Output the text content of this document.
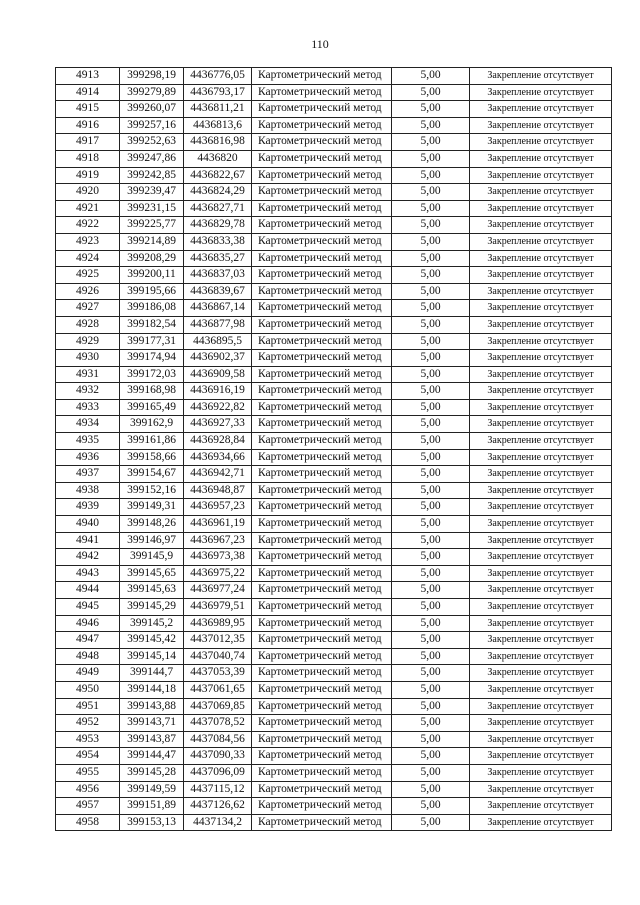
110
4913	399298,19	4436776,05	Картометрический метод	5,00	Закрепление отсутствует
4914	399279,89	4436793,17	Картометрический метод	5,00	Закрепление отсутствует
4915	399260,07	4436811,21	Картометрический метод	5,00	Закрепление отсутствует
4916	399257,16	4436813,6	Картометрический метод	5,00	Закрепление отсутствует
4917	399252,63	4436816,98	Картометрический метод	5,00	Закрепление отсутствует
4918	399247,86	4436820	Картометрический метод	5,00	Закрепление отсутствует
4919	399242,85	4436822,67	Картометрический метод	5,00	Закрепление отсутствует
4920	399239,47	4436824,29	Картометрический метод	5,00	Закрепление отсутствует
4921	399231,15	4436827,71	Картометрический метод	5,00	Закрепление отсутствует
4922	399225,77	4436829,78	Картометрический метод	5,00	Закрепление отсутствует
4923	399214,89	4436833,38	Картометрический метод	5,00	Закрепление отсутствует
4924	399208,29	4436835,27	Картометрический метод	5,00	Закрепление отсутствует
4925	399200,11	4436837,03	Картометрический метод	5,00	Закрепление отсутствует
4926	399195,66	4436839,67	Картометрический метод	5,00	Закрепление отсутствует
4927	399186,08	4436867,14	Картометрический метод	5,00	Закрепление отсутствует
4928	399182,54	4436877,98	Картометрический метод	5,00	Закрепление отсутствует
4929	399177,31	4436895,5	Картометрический метод	5,00	Закрепление отсутствует
4930	399174,94	4436902,37	Картометрический метод	5,00	Закрепление отсутствует
4931	399172,03	4436909,58	Картометрический метод	5,00	Закрепление отсутствует
4932	399168,98	4436916,19	Картометрический метод	5,00	Закрепление отсутствует
4933	399165,49	4436922,82	Картометрический метод	5,00	Закрепление отсутствует
4934	399162,9	4436927,33	Картометрический метод	5,00	Закрепление отсутствует
4935	399161,86	4436928,84	Картометрический метод	5,00	Закрепление отсутствует
4936	399158,66	4436934,66	Картометрический метод	5,00	Закрепление отсутствует
4937	399154,67	4436942,71	Картометрический метод	5,00	Закрепление отсутствует
4938	399152,16	4436948,87	Картометрический метод	5,00	Закрепление отсутствует
4939	399149,31	4436957,23	Картометрический метод	5,00	Закрепление отсутствует
4940	399148,26	4436961,19	Картометрический метод	5,00	Закрепление отсутствует
4941	399146,97	4436967,23	Картометрический метод	5,00	Закрепление отсутствует
4942	399145,9	4436973,38	Картометрический метод	5,00	Закрепление отсутствует
4943	399145,65	4436975,22	Картометрический метод	5,00	Закрепление отсутствует
4944	399145,63	4436977,24	Картометрический метод	5,00	Закрепление отсутствует
4945	399145,29	4436979,51	Картометрический метод	5,00	Закрепление отсутствует
4946	399145,2	4436989,95	Картометрический метод	5,00	Закрепление отсутствует
4947	399145,42	4437012,35	Картометрический метод	5,00	Закрепление отсутствует
4948	399145,14	4437040,74	Картометрический метод	5,00	Закрепление отсутствует
4949	399144,7	4437053,39	Картометрический метод	5,00	Закрепление отсутствует
4950	399144,18	4437061,65	Картометрический метод	5,00	Закрепление отсутствует
4951	399143,88	4437069,85	Картометрический метод	5,00	Закрепление отсутствует
4952	399143,71	4437078,52	Картометрический метод	5,00	Закрепление отсутствует
4953	399143,87	4437084,56	Картометрический метод	5,00	Закрепление отсутствует
4954	399144,47	4437090,33	Картометрический метод	5,00	Закрепление отсутствует
4955	399145,28	4437096,09	Картометрический метод	5,00	Закрепление отсутствует
4956	399149,59	4437115,12	Картометрический метод	5,00	Закрепление отсутствует
4957	399151,89	4437126,62	Картометрический метод	5,00	Закрепление отсутствует
4958	399153,13	4437134,2	Картометрический метод	5,00	Закрепление отсутствует
